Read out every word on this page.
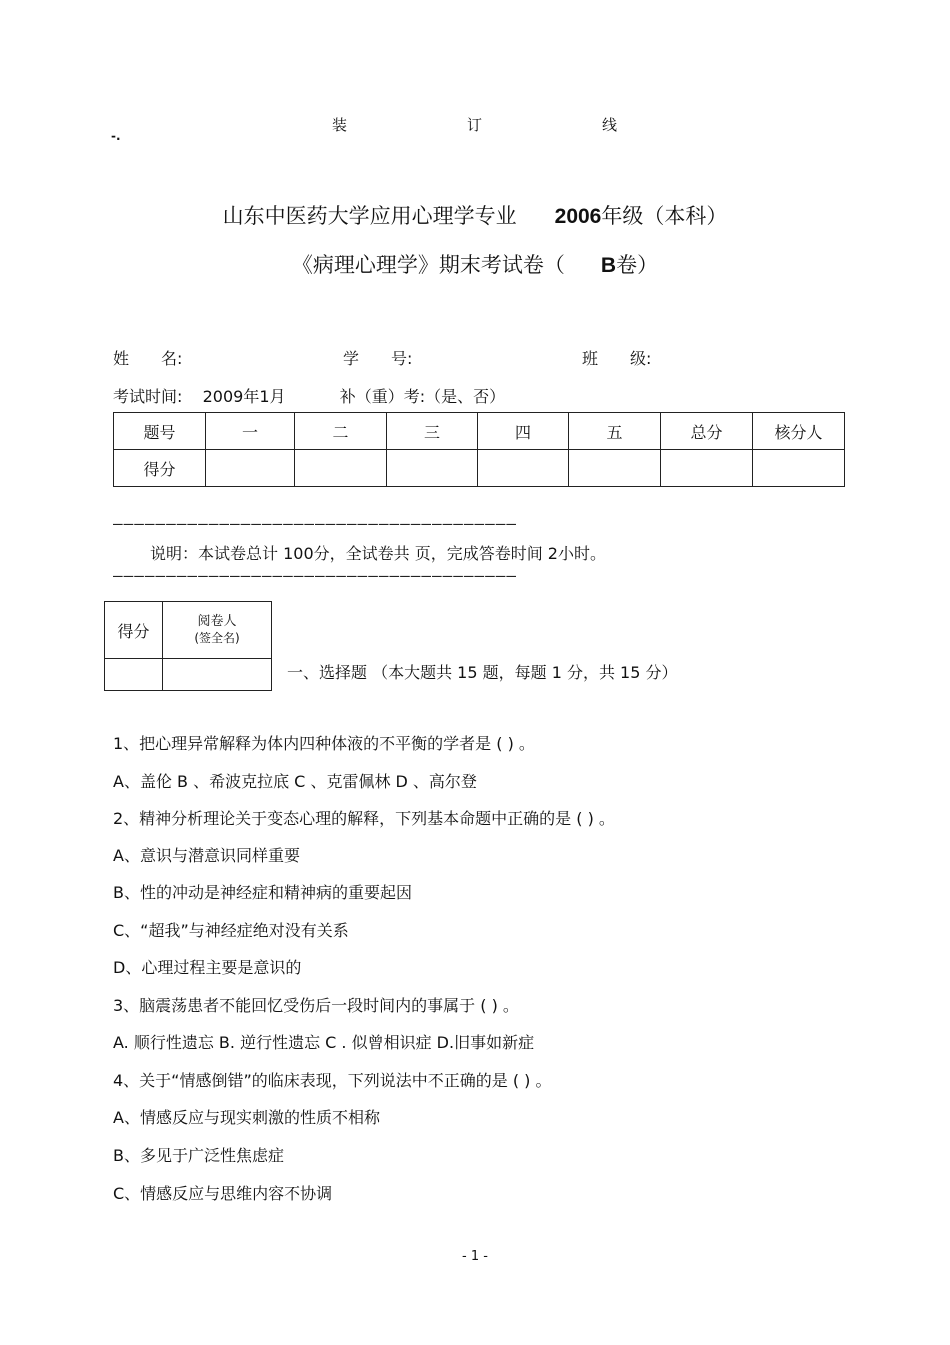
装	订	线
-.
山东中医药大学应用心理学专业 2006年级（本科）
《病理心理学》期末考试卷（ B卷）
姓　　名:	学　　号:	班　　级:
考试时间: 2009年1月	补（重）考:（是、否）
题号	一	二	三	四	五	总分	核分人
得分							
——————————————————————————————————————
说明：本试卷总计 100分，全试卷共 页，完成答卷时间 2小时。
——————————————————————————————————————
得分	阅卷人
(签全名)

一、选择题 （本大题共 15 题，每题 1 分，共 15 分）
1、把心理异常解释为体内四种体液的不平衡的学者是 ( ) 。
A、盖伦 B 、希波克拉底 C 、克雷佩林 D 、高尔登
2、精神分析理论关于变态心理的解释，下列基本命题中正确的是 ( ) 。
A、意识与潜意识同样重要
B、性的冲动是神经症和精神病的重要起因
C、“超我”与神经症绝对没有关系
D、心理过程主要是意识的
3、脑震荡患者不能回忆受伤后一段时间内的事属于 ( ) 。
A. 顺行性遗忘 B. 逆行性遗忘 C . 似曾相识症 D.旧事如新症
4、关于“情感倒错”的临床表现，下列说法中不正确的是 ( ) 。
A、情感反应与现实刺激的性质不相称
B、多见于广泛性焦虑症
C、情感反应与思维内容不协调
- 1 -
